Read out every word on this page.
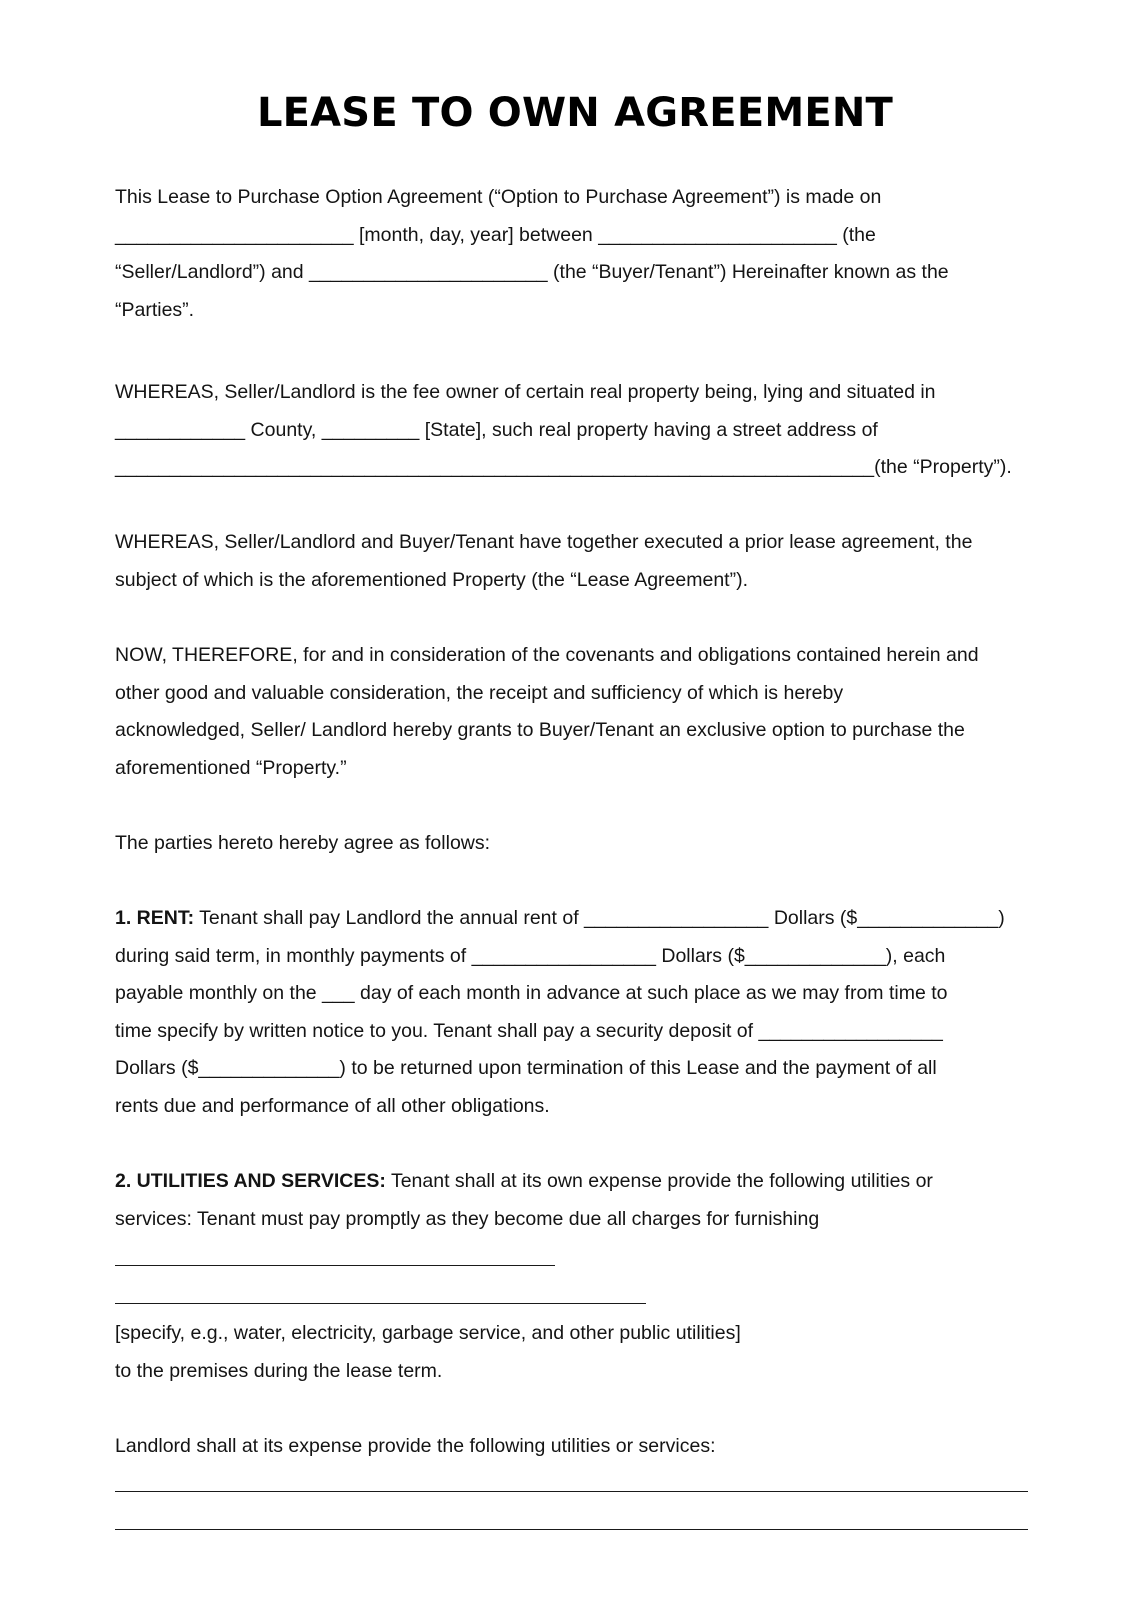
LEASE TO OWN AGREEMENT
This Lease to Purchase Option Agreement (“Option to Purchase Agreement”) is made on
______________________ [month, day, year] between ______________________ (the
“Seller/Landlord”) and ______________________ (the “Buyer/Tenant”) Hereinafter known as the
“Parties”.
WHEREAS, Seller/Landlord is the fee owner of certain real property being, lying and situated in
____________ County, _________ [State], such real property having a street address of
______________________________________________________________________(the “Property”).
WHEREAS, Seller/Landlord and Buyer/Tenant have together executed a prior lease agreement, the
subject of which is the aforementioned Property (the “Lease Agreement”).
NOW, THEREFORE, for and in consideration of the covenants and obligations contained herein and
other good and valuable consideration, the receipt and sufficiency of which is hereby
acknowledged, Seller/ Landlord hereby grants to Buyer/Tenant an exclusive option to purchase the
aforementioned “Property.”
The parties hereto hereby agree as follows:
1. RENT: Tenant shall pay Landlord the annual rent of _________________ Dollars ($_____________)
during said term, in monthly payments of _________________ Dollars ($_____________), each
payable monthly on the ___ day of each month in advance at such place as we may from time to
time specify by written notice to you. Tenant shall pay a security deposit of _________________
Dollars ($_____________) to be returned upon termination of this Lease and the payment of all
rents due and performance of all other obligations.
2. UTILITIES AND SERVICES: Tenant shall at its own expense provide the following utilities or
services: Tenant must pay promptly as they become due all charges for furnishing
[specify, e.g., water, electricity, garbage service, and other public utilities]
to the premises during the lease term.
Landlord shall at its expense provide the following utilities or services:
